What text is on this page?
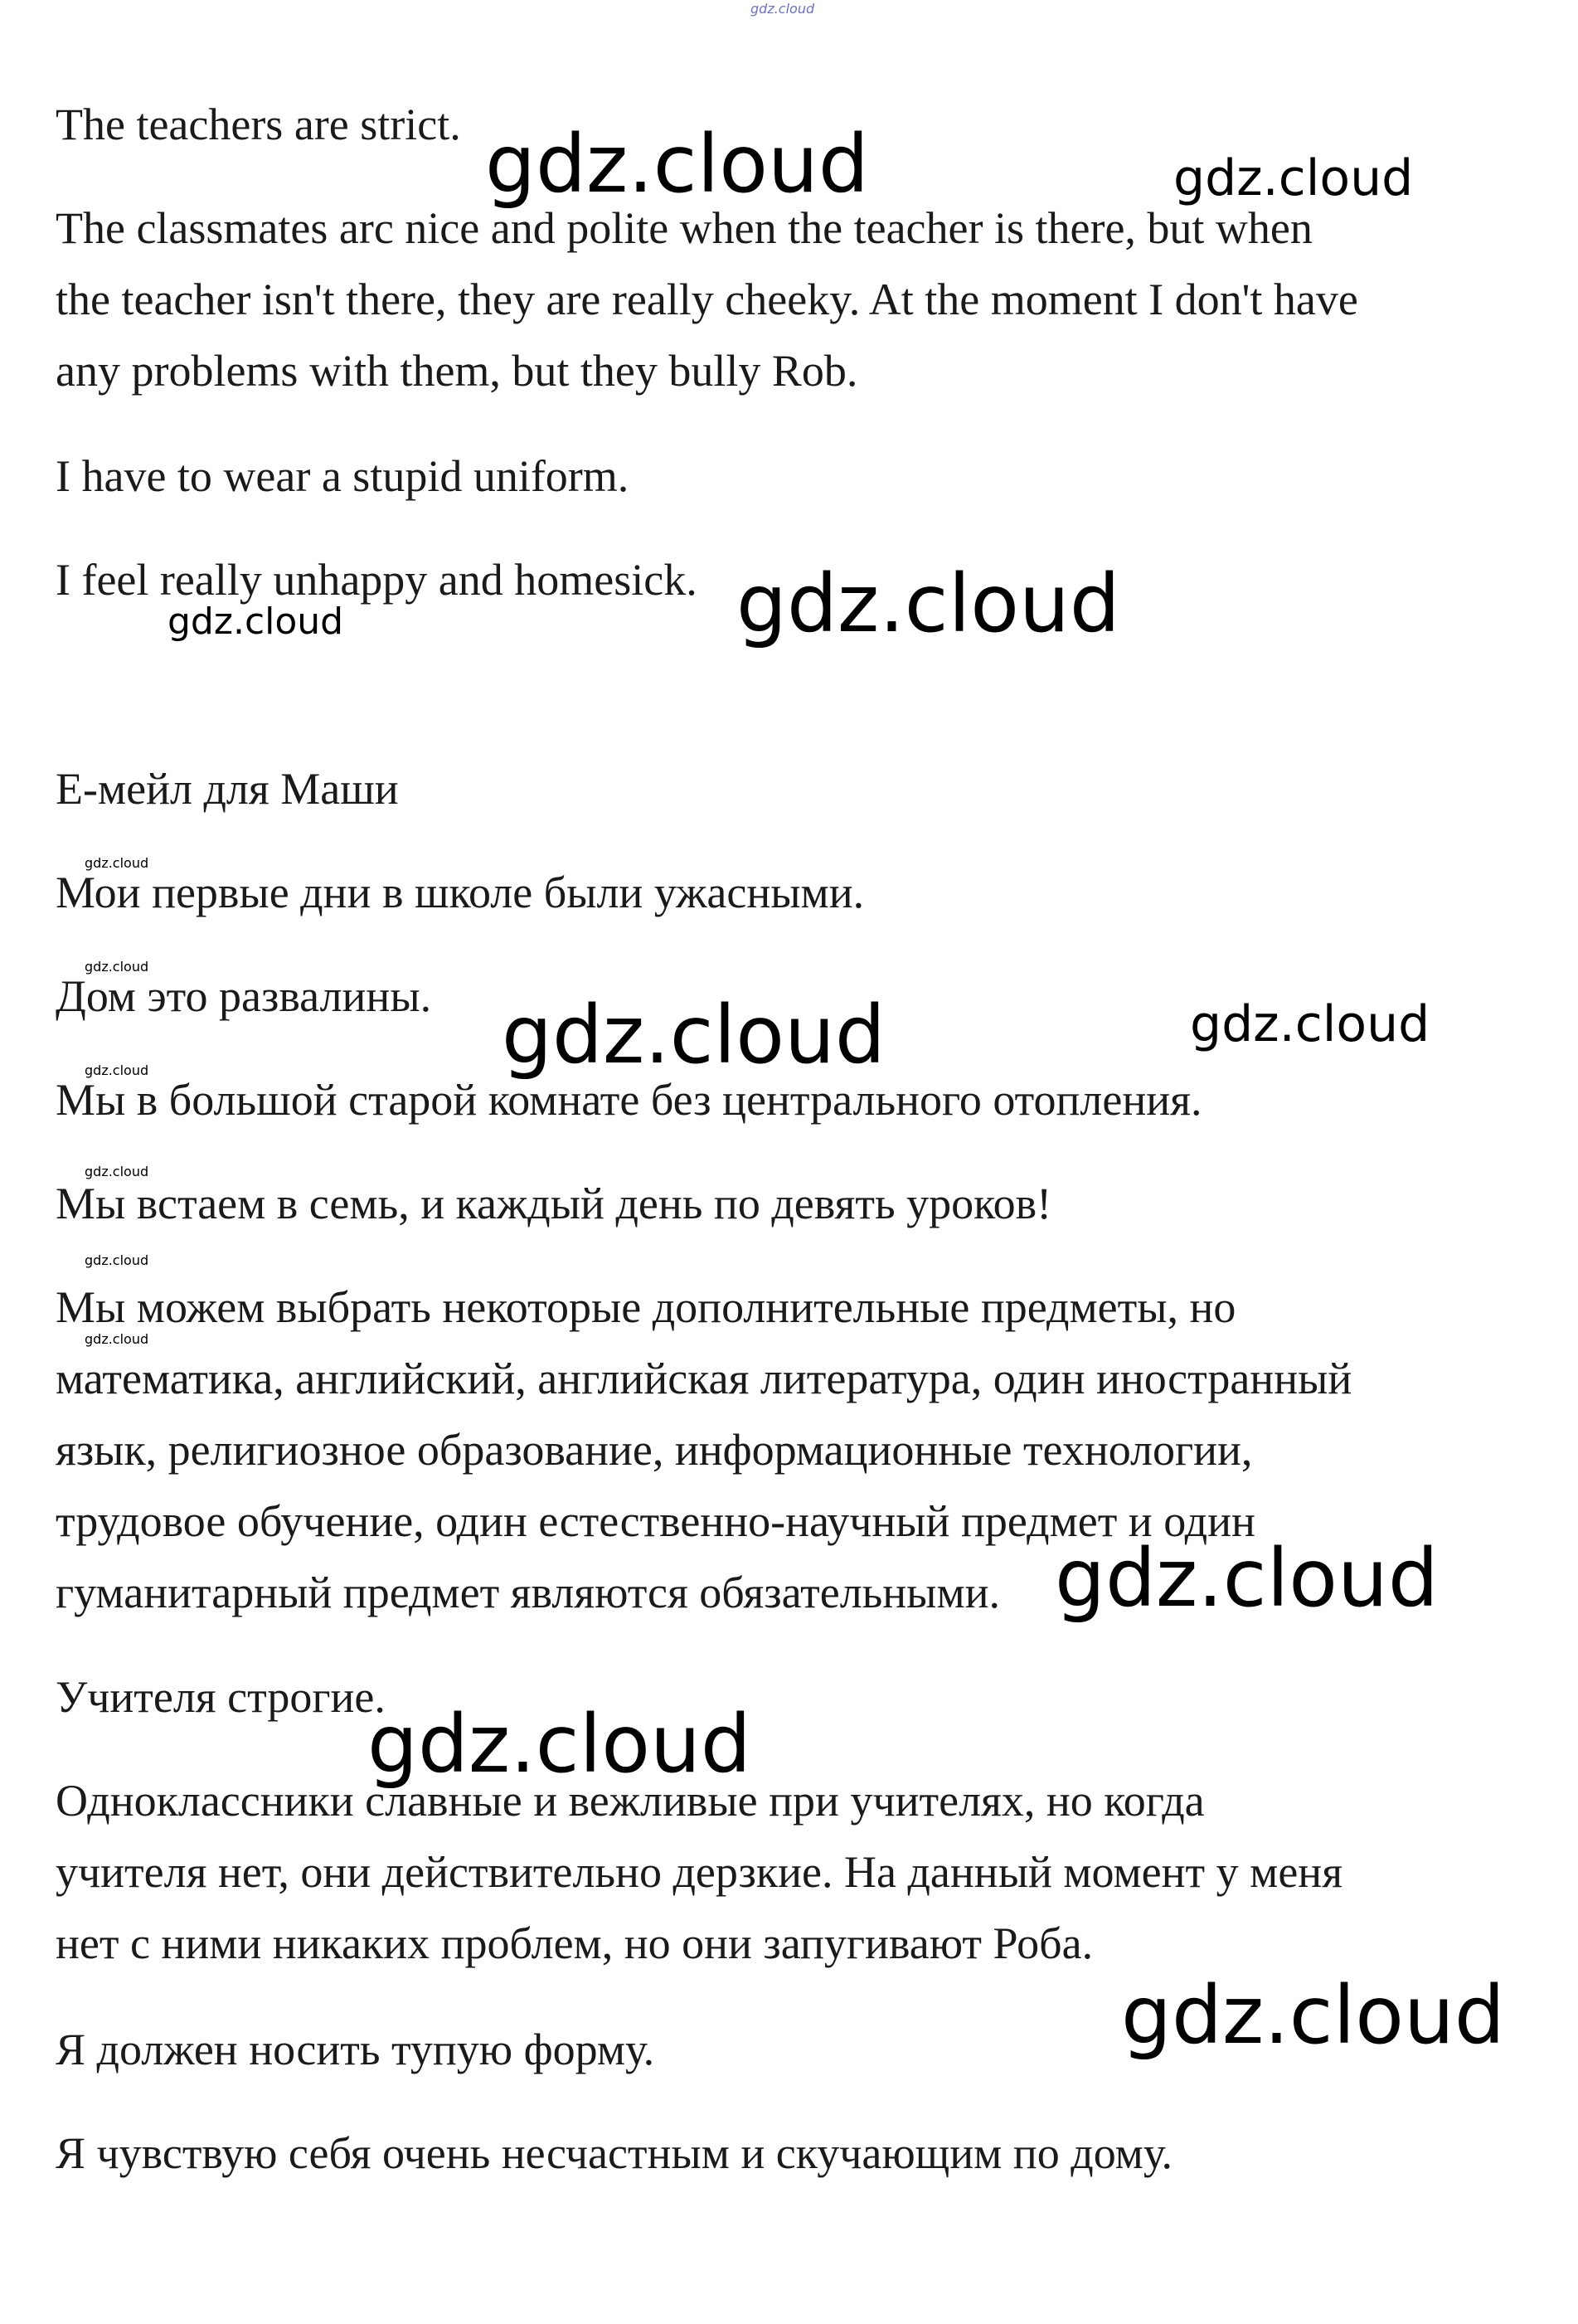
gdz.cloud

The teachers are strict.

The classmates arc nice and polite when the teacher is there, but when
the teacher isn't there, they are really cheeky. At the moment I don't have
any problems with them, but they bully Rob.

I have to wear a stupid uniform.

I feel really unhappy and homesick.

Е-мейл для Маши

Мои первые дни в школе были ужасными.

Дом это развалины.

Мы в большой старой комнате без центрального отопления.

Мы встаем в семь, и каждый день по девять уроков!

Мы можем выбрать некоторые дополнительные предметы, но
математика, английский, английская литература, один иностранный
язык, религиозное образование, информационные технологии,
трудовое обучение, один естественно-научный предмет и один
гуманитарный предмет являются обязательными.

Учителя строгие.

Одноклассники славные и вежливые при учителях, но когда
учителя нет, они действительно дерзкие. На данный момент у меня
нет с ними никаких проблем, но они запугивают Роба.

Я должен носить тупую форму.

Я чувствую себя очень несчастным и скучающим по дому.

gdz.cloud	gdz.cloud
gdz.cloud
gdz.cloud
gdz.cloud	gdz.cloud
gdz.cloud
gdz.cloud
gdz.cloud
gdz.cloud
gdz.cloud
gdz.cloud
gdz.cloud
gdz.cloud
gdz.cloud
